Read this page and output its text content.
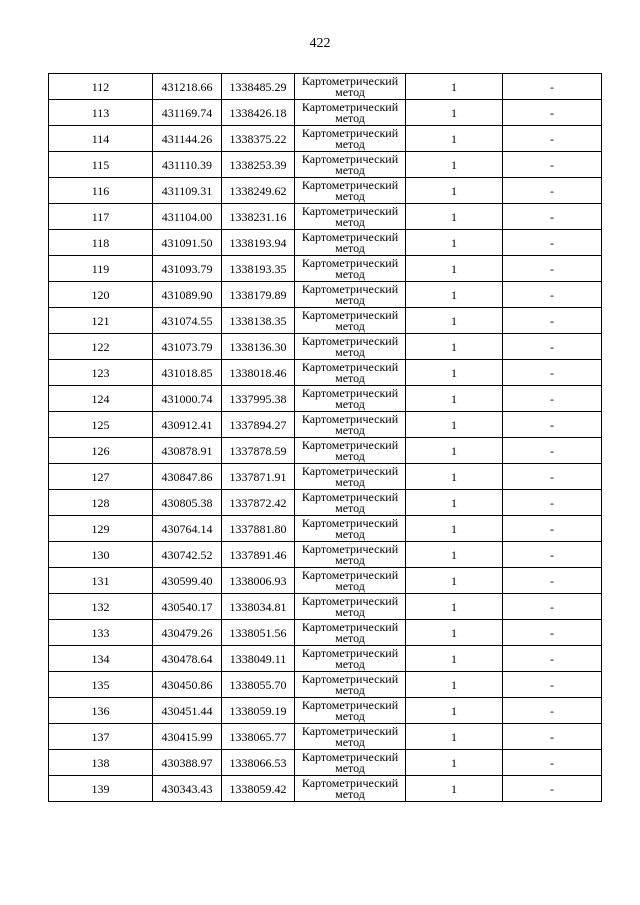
422
112	431218.66	1338485.29	Картометрический метод	1	-
113	431169.74	1338426.18	Картометрический метод	1	-
114	431144.26	1338375.22	Картометрический метод	1	-
115	431110.39	1338253.39	Картометрический метод	1	-
116	431109.31	1338249.62	Картометрический метод	1	-
117	431104.00	1338231.16	Картометрический метод	1	-
118	431091.50	1338193.94	Картометрический метод	1	-
119	431093.79	1338193.35	Картометрический метод	1	-
120	431089.90	1338179.89	Картометрический метод	1	-
121	431074.55	1338138.35	Картометрический метод	1	-
122	431073.79	1338136.30	Картометрический метод	1	-
123	431018.85	1338018.46	Картометрический метод	1	-
124	431000.74	1337995.38	Картометрический метод	1	-
125	430912.41	1337894.27	Картометрический метод	1	-
126	430878.91	1337878.59	Картометрический метод	1	-
127	430847.86	1337871.91	Картометрический метод	1	-
128	430805.38	1337872.42	Картометрический метод	1	-
129	430764.14	1337881.80	Картометрический метод	1	-
130	430742.52	1337891.46	Картометрический метод	1	-
131	430599.40	1338006.93	Картометрический метод	1	-
132	430540.17	1338034.81	Картометрический метод	1	-
133	430479.26	1338051.56	Картометрический метод	1	-
134	430478.64	1338049.11	Картометрический метод	1	-
135	430450.86	1338055.70	Картометрический метод	1	-
136	430451.44	1338059.19	Картометрический метод	1	-
137	430415.99	1338065.77	Картометрический метод	1	-
138	430388.97	1338066.53	Картометрический метод	1	-
139	430343.43	1338059.42	Картометрический метод	1	-
